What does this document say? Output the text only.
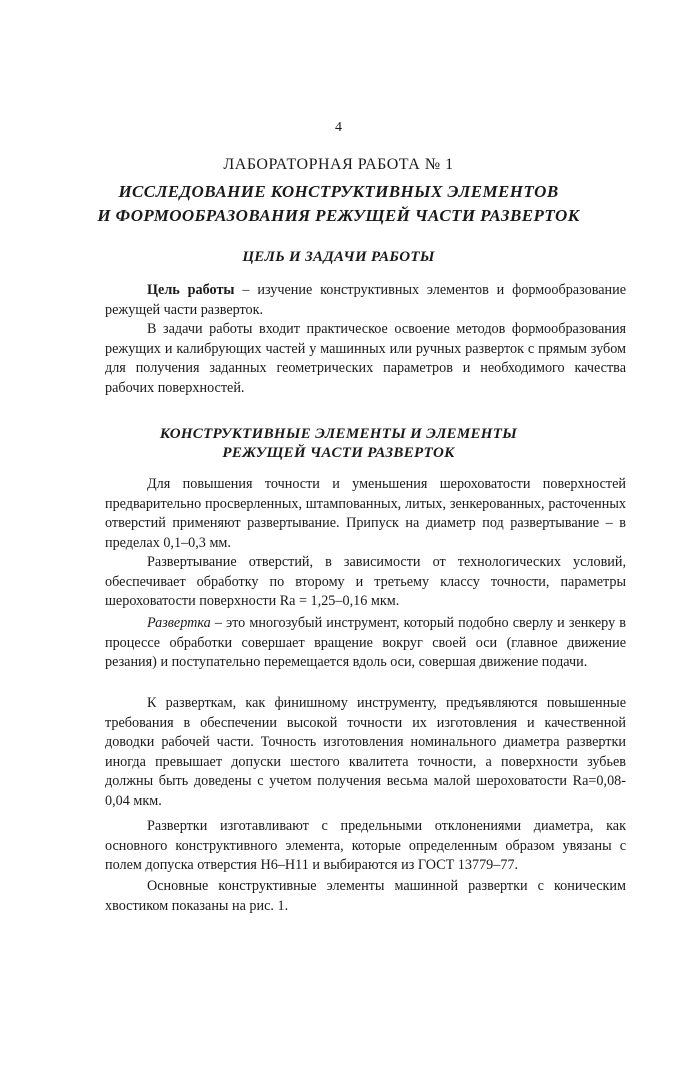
4
ЛАБОРАТОРНАЯ РАБОТА № 1
ИССЛЕДОВАНИЕ КОНСТРУКТИВНЫХ ЭЛЕМЕНТОВ
И ФОРМООБРАЗОВАНИЯ РЕЖУЩЕЙ ЧАСТИ РАЗВЕРТОК
ЦЕЛЬ И ЗАДАЧИ РАБОТЫ

Цель работы – изучение конструктивных элементов и формообразование режущей части разверток.

В задачи работы входит практическое освоение методов формообразования режущих и калибрующих частей у машинных или ручных разверток с прямым зубом для получения заданных геометрических параметров и необходимого качества рабочих поверхностей.

КОНСТРУКТИВНЫЕ ЭЛЕМЕНТЫ И ЭЛЕМЕНТЫ
РЕЖУЩЕЙ ЧАСТИ РАЗВЕРТОК

Для повышения точности и уменьшения шероховатости поверхностей предварительно просверленных, штампованных, литых, зенкерованных, расточенных отверстий применяют развертывание. Припуск на диаметр под развертывание – в пределах 0,1–0,3 мм.

Развертывание отверстий, в зависимости от технологических условий, обеспечивает обработку по второму и третьему классу точности, параметры шероховатости поверхности Ra = 1,25–0,16 мкм.

Развертка – это многозубый инструмент, который подобно сверлу и зенкеру в процессе обработки совершает вращение вокруг своей оси (главное движение резания) и поступательно перемещается вдоль оси, совершая движение подачи.

К разверткам, как финишному инструменту, предъявляются повышенные требования в обеспечении высокой точности их изготовления и качественной доводки рабочей части. Точность изготовления номинального диаметра развертки иногда превышает допуски шестого квалитета точности, а поверхности зубьев должны быть доведены с учетом получения весьма малой шероховатости Ra=0,08-0,04 мкм.

Развертки изготавливают с предельными отклонениями диаметра, как основного конструктивного элемента, которые определенным образом увязаны с полем допуска отверстия Н6–Н11 и выбираются из ГОСТ 13779–77.

Основные конструктивные элементы машинной развертки с коническим хвостиком показаны на рис. 1.
